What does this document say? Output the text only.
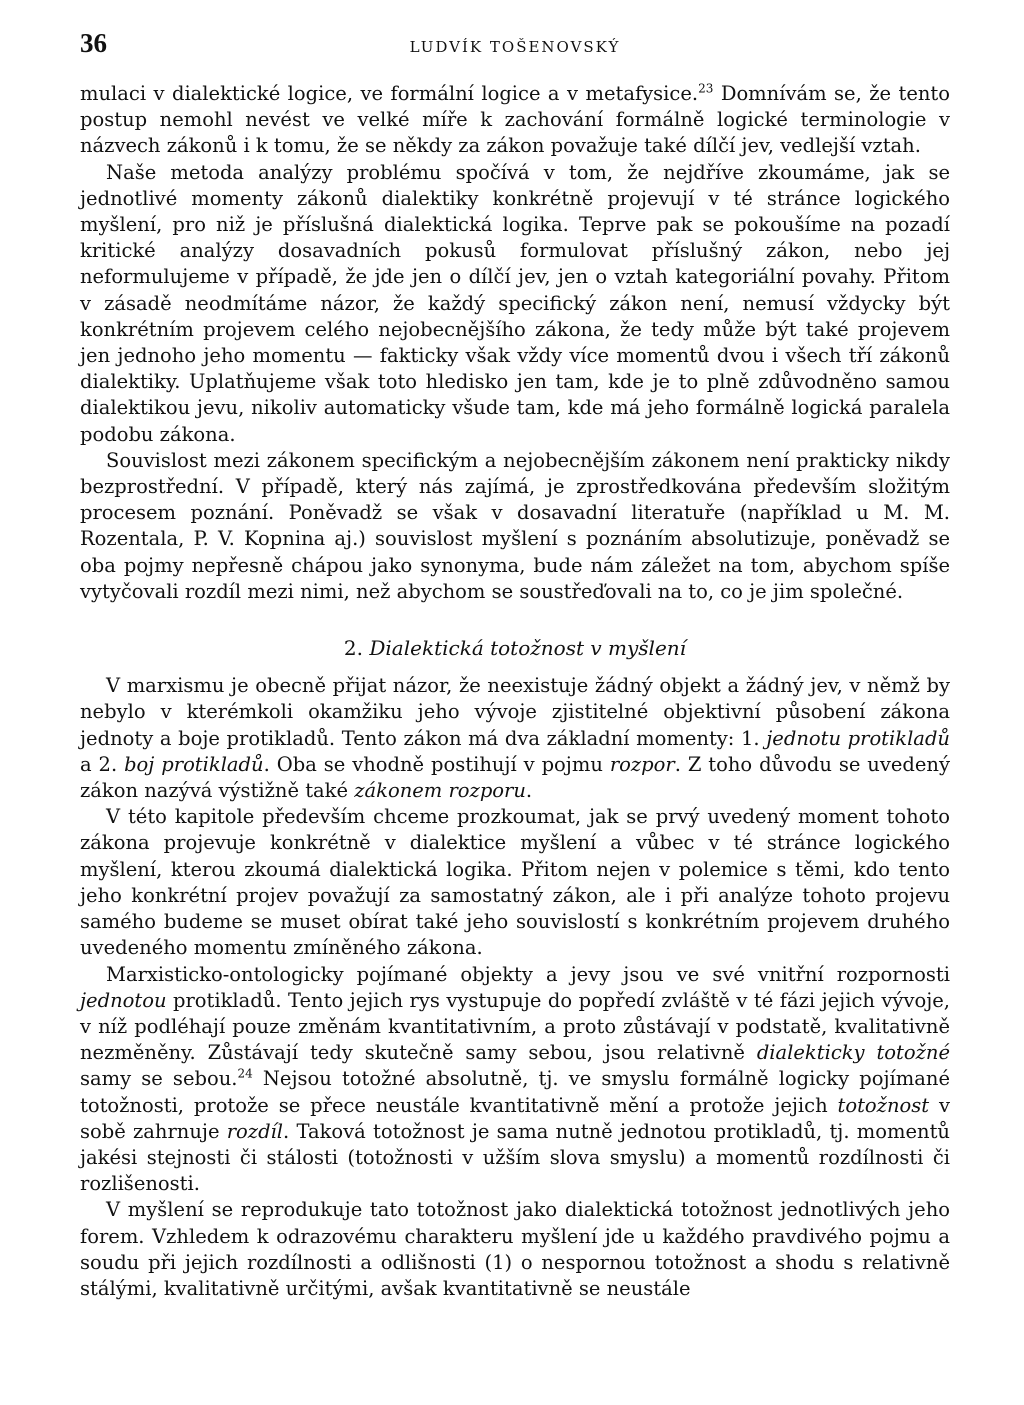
36	LUDVÍK TOŠENOVSKÝ

mulaci v dialektické logice, ve formální logice a v metafysice.$^{23}$ Domnívám se, že tento postup nemohl nevést ve velké míře k zachování formálně logické terminologie v názvech zákonů i k tomu, že se někdy za zákon považuje také dílčí jev, vedlejší vztah.

Naše metoda analýzy problému spočívá v tom, že nejdříve zkoumáme, jak se jednotlivé momenty zákonů dialektiky konkrétně projevují v té stránce logického myšlení, pro niž je příslušná dialektická logika. Teprve pak se pokoušíme na pozadí kritické analýzy dosavadních pokusů formulovat příslušný zákon, nebo jej neformulujeme v případě, že jde jen o dílčí jev, jen o vztah kategoriální povahy. Přitom v zásadě neodmítáme názor, že každý specifický zákon není, nemusí vždycky být konkrétním projevem celého nejobecnějšího zákona, že tedy může být také projevem jen jednoho jeho momentu — fakticky však vždy více momentů dvou i všech tří zákonů dialektiky. Uplatňujeme však toto hledisko jen tam, kde je to plně zdůvodněno samou dialektikou jevu, nikoliv automaticky všude tam, kde má jeho formálně logická paralela podobu zákona.

Souvislost mezi zákonem specifickým a nejobecnějším zákonem není prakticky nikdy bezprostřední. V případě, který nás zajímá, je zprostředkována především složitým procesem poznání. Poněvadž se však v dosavadní literatuře (například u M. M. Rozentala, P. V. Kopnina aj.) souvislost myšlení s poznáním absolutizuje, poněvadž se oba pojmy nepřesně chápou jako synonyma, bude nám záležet na tom, abychom spíše vytyčovali rozdíl mezi nimi, než abychom se soustřeďovali na to, co je jim společné.

2. Dialektická totožnost v myšlení

V marxismu je obecně přijat názor, že neexistuje žádný objekt a žádný jev, v němž by nebylo v kterémkoli okamžiku jeho vývoje zjistitelné objektivní působení zákona jednoty a boje protikladů. Tento zákon má dva základní momenty: 1. jednotu protikladů a 2. boj protikladů. Oba se vhodně postihují v pojmu rozpor. Z toho důvodu se uvedený zákon nazývá výstižně také zákonem rozporu.

V této kapitole především chceme prozkoumat, jak se prvý uvedený moment tohoto zákona projevuje konkrétně v dialektice myšlení a vůbec v té stránce logického myšlení, kterou zkoumá dialektická logika. Přitom nejen v polemice s těmi, kdo tento jeho konkrétní projev považují za samostatný zákon, ale i při analýze tohoto projevu samého budeme se muset obírat také jeho souvislostí s konkrétním projevem druhého uvedeného momentu zmíněného zákona.

Marxisticko-ontologicky pojímané objekty a jevy jsou ve své vnitřní rozpornosti jednotou protikladů. Tento jejich rys vystupuje do popředí zvláště v té fázi jejich vývoje, v níž podléhají pouze změnám kvantitativním, a proto zůstávají v podstatě, kvalitativně nezměněny. Zůstávají tedy skutečně samy sebou, jsou relativně dialekticky totožné samy se sebou.$^{24}$ Nejsou totožné absolutně, tj. ve smyslu formálně logicky pojímané totožnosti, protože se přece neustále kvantitativně mění a protože jejich totožnost v sobě zahrnuje rozdíl. Taková totožnost je sama nutně jednotou protikladů, tj. momentů jakési stejnosti či stálosti (totožnosti v užším slova smyslu) a momentů rozdílnosti či rozlišenosti.

V myšlení se reprodukuje tato totožnost jako dialektická totožnost jednotlivých jeho forem. Vzhledem k odrazovému charakteru myšlení jde u každého pravdivého pojmu a soudu při jejich rozdílnosti a odlišnosti (1) o nespornou totožnost a shodu s relativně stálými, kvalitativně určitými, avšak kvantitativně se neustále
